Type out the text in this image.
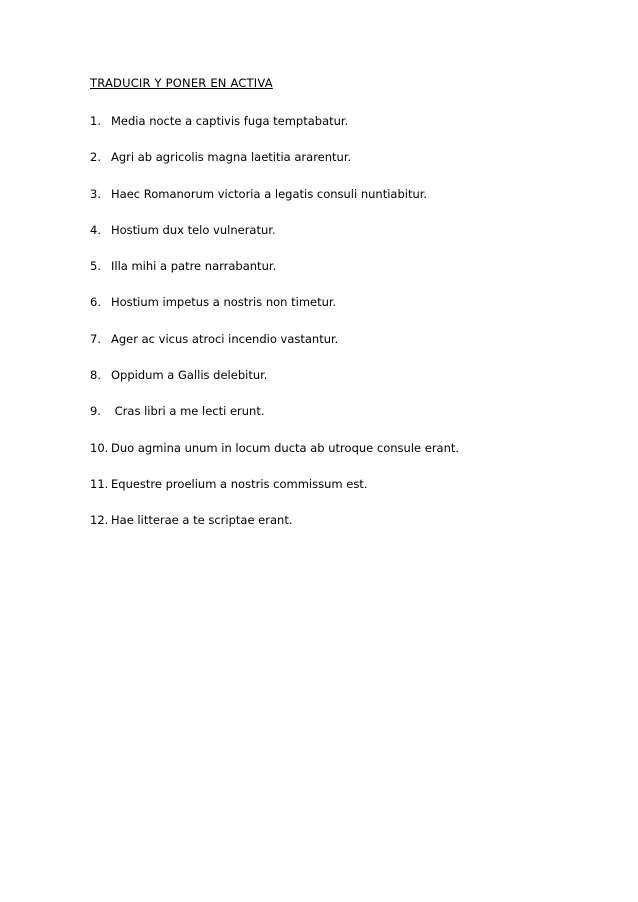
TRADUCIR Y PONER EN ACTIVA
1. Media nocte a captivis fuga temptabatur.
2. Agri ab agricolis magna laetitia ararentur.
3. Haec Romanorum victoria a legatis consuli nuntiabitur.
4. Hostium dux telo vulneratur.
5. Illa mihi a patre narrabantur.
6. Hostium impetus a nostris non timetur.
7. Ager ac vicus atroci incendio vastantur.
8. Oppidum a Gallis delebitur.
9. Cras libri a me lecti erunt.
10. Duo agmina unum in locum ducta ab utroque consule erant.
11. Equestre proelium a nostris commissum est.
12. Hae litterae a te scriptae erant.
